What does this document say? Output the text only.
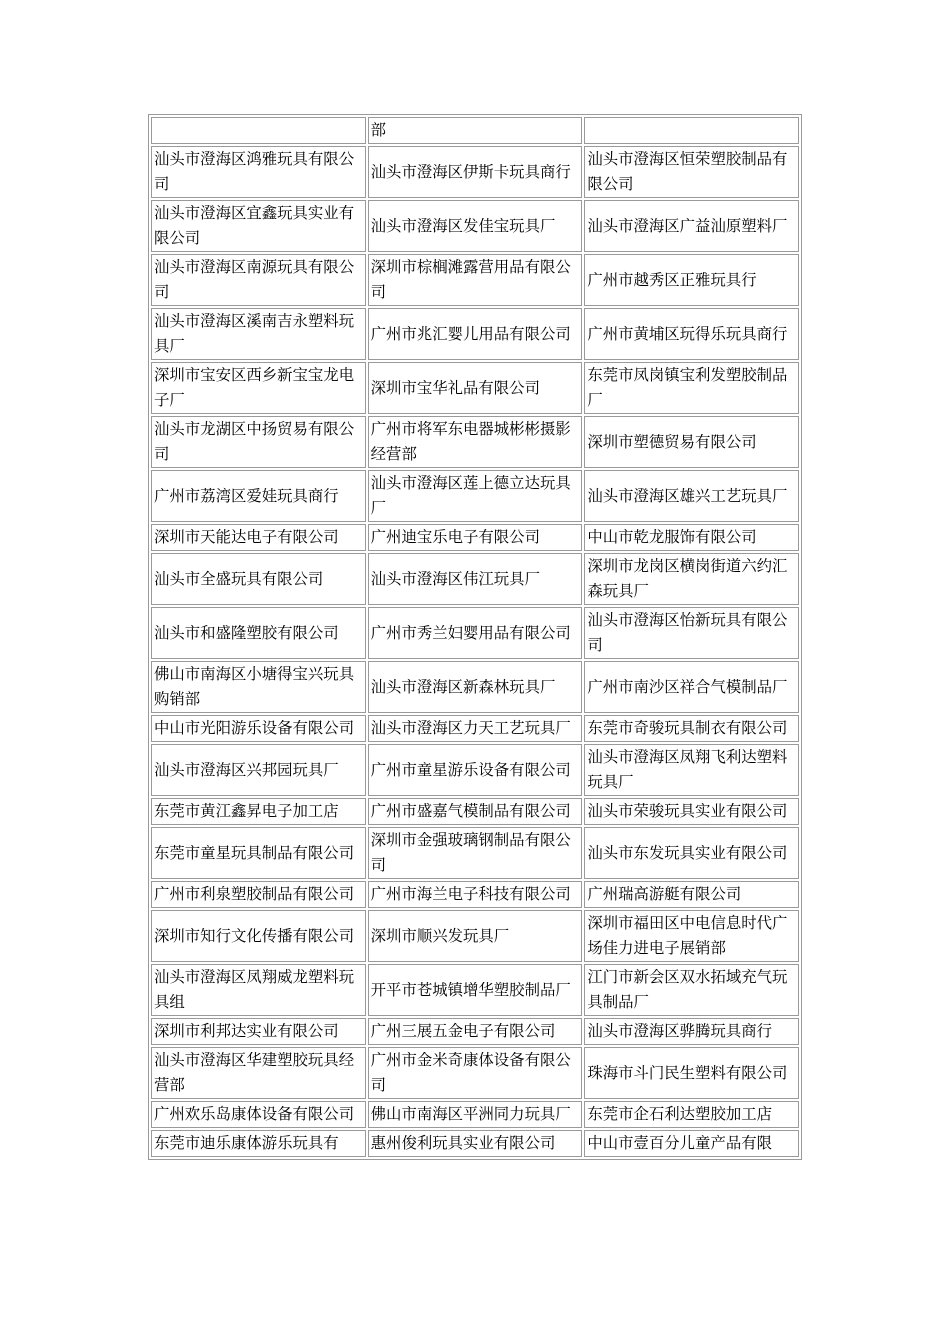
	部	
汕头市澄海区鸿雅玩具有限公司	汕头市澄海区伊斯卡玩具商行	汕头市澄海区恒荣塑胶制品有限公司
汕头市澄海区宜鑫玩具实业有限公司	汕头市澄海区发佳宝玩具厂	汕头市澄海区广益汕原塑料厂
汕头市澄海区南源玩具有限公司	深圳市棕榈滩露营用品有限公司	广州市越秀区正雅玩具行
汕头市澄海区溪南吉永塑料玩具厂	广州市兆汇婴儿用品有限公司	广州市黄埔区玩得乐玩具商行
深圳市宝安区西乡新宝宝龙电子厂	深圳市宝华礼品有限公司	东莞市凤岗镇宝利发塑胶制品厂
汕头市龙湖区中扬贸易有限公司	广州市将军东电器城彬彬摄影经营部	深圳市塑德贸易有限公司
广州市荔湾区爱娃玩具商行	汕头市澄海区莲上德立达玩具厂	汕头市澄海区雄兴工艺玩具厂
深圳市天能达电子有限公司	广州迪宝乐电子有限公司	中山市乾龙服饰有限公司
汕头市全盛玩具有限公司	汕头市澄海区伟江玩具厂	深圳市龙岗区横岗街道六约汇森玩具厂
汕头市和盛隆塑胶有限公司	广州市秀兰妇婴用品有限公司	汕头市澄海区怡新玩具有限公司
佛山市南海区小塘得宝兴玩具购销部	汕头市澄海区新森林玩具厂	广州市南沙区祥合气模制品厂
中山市光阳游乐设备有限公司	汕头市澄海区力天工艺玩具厂	东莞市奇骏玩具制衣有限公司
汕头市澄海区兴邦园玩具厂	广州市童星游乐设备有限公司	汕头市澄海区凤翔飞利达塑料玩具厂
东莞市黄江鑫昇电子加工店	广州市盛嘉气模制品有限公司	汕头市荣骏玩具实业有限公司
东莞市童星玩具制品有限公司	深圳市金强玻璃钢制品有限公司	汕头市东发玩具实业有限公司
广州市利泉塑胶制品有限公司	广州市海兰电子科技有限公司	广州瑞高游艇有限公司
深圳市知行文化传播有限公司	深圳市顺兴发玩具厂	深圳市福田区中电信息时代广场佳力进电子展销部
汕头市澄海区凤翔威龙塑料玩具组	开平市苍城镇增华塑胶制品厂	江门市新会区双水拓域充气玩具制品厂
深圳市利邦达实业有限公司	广州三展五金电子有限公司	汕头市澄海区骅腾玩具商行
汕头市澄海区华建塑胶玩具经营部	广州市金米奇康体设备有限公司	珠海市斗门民生塑料有限公司
广州欢乐岛康体设备有限公司	佛山市南海区平洲同力玩具厂	东莞市企石利达塑胶加工店
东莞市迪乐康体游乐玩具有	惠州俊利玩具实业有限公司	中山市壹百分儿童产品有限
